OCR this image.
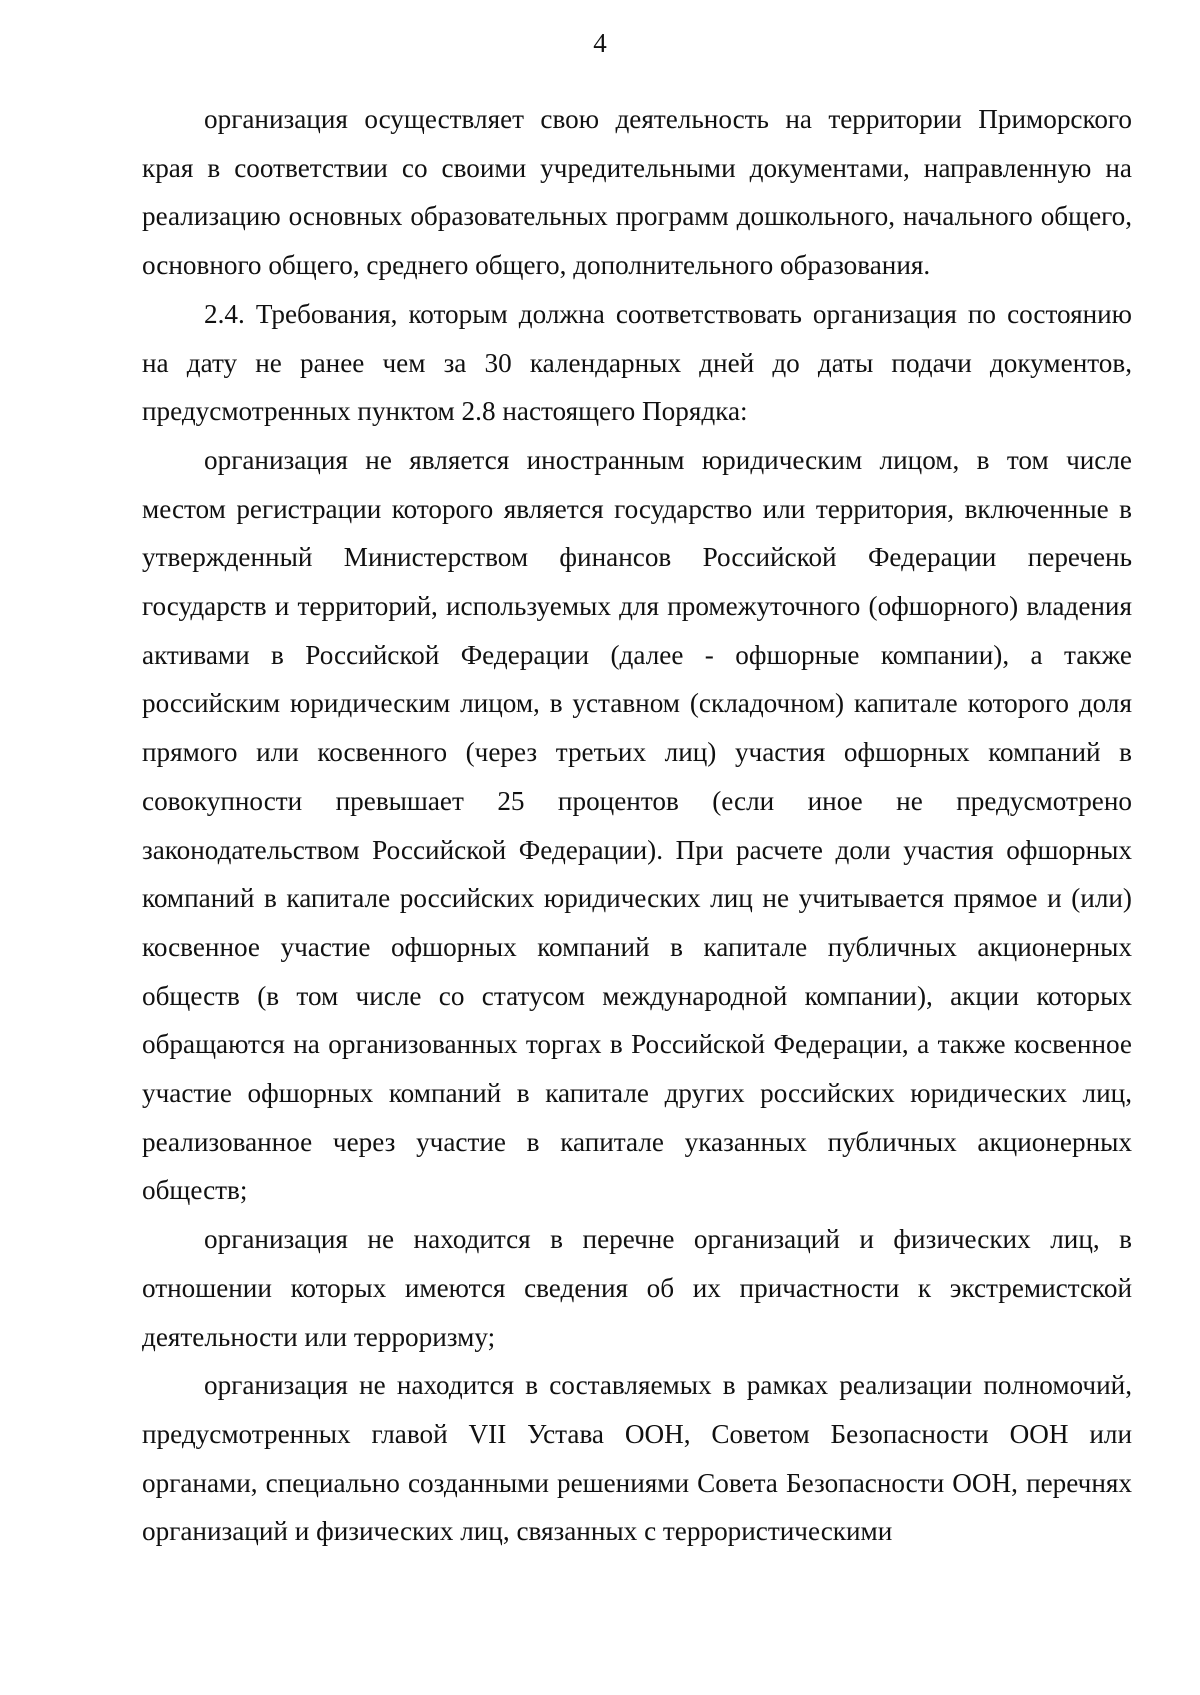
4

организация осуществляет свою деятельность на территории Приморского края в соответствии со своими учредительными документами, направленную на реализацию основных образовательных программ дошкольного, начального общего, основного общего, среднего общего, дополнительного образования.

2.4. Требования, которым должна соответствовать организация по состоянию на дату не ранее чем за 30 календарных дней до даты подачи документов, предусмотренных пунктом 2.8 настоящего Порядка:

организация не является иностранным юридическим лицом, в том числе местом регистрации которого является государство или территория, включенные в утвержденный Министерством финансов Российской Федерации перечень государств и территорий, используемых для промежуточного (офшорного) владения активами в Российской Федерации (далее - офшорные компании), а также российским юридическим лицом, в уставном (складочном) капитале которого доля прямого или косвенного (через третьих лиц) участия офшорных компаний в совокупности превышает 25 процентов (если иное не предусмотрено законодательством Российской Федерации). При расчете доли участия офшорных компаний в капитале российских юридических лиц не учитывается прямое и (или) косвенное участие офшорных компаний в капитале публичных акционерных обществ (в том числе со статусом международной компании), акции которых обращаются на организованных торгах в Российской Федерации, а также косвенное участие офшорных компаний в капитале других российских юридических лиц, реализованное через участие в капитале указанных публичных акционерных обществ;

организация не находится в перечне организаций и физических лиц, в отношении которых имеются сведения об их причастности к экстремистской деятельности или терроризму;

организация не находится в составляемых в рамках реализации полномочий, предусмотренных главой VII Устава ООН, Советом Безопасности ООН или органами, специально созданными решениями Совета Безопасности ООН, перечнях организаций и физических лиц, связанных с террористическими
